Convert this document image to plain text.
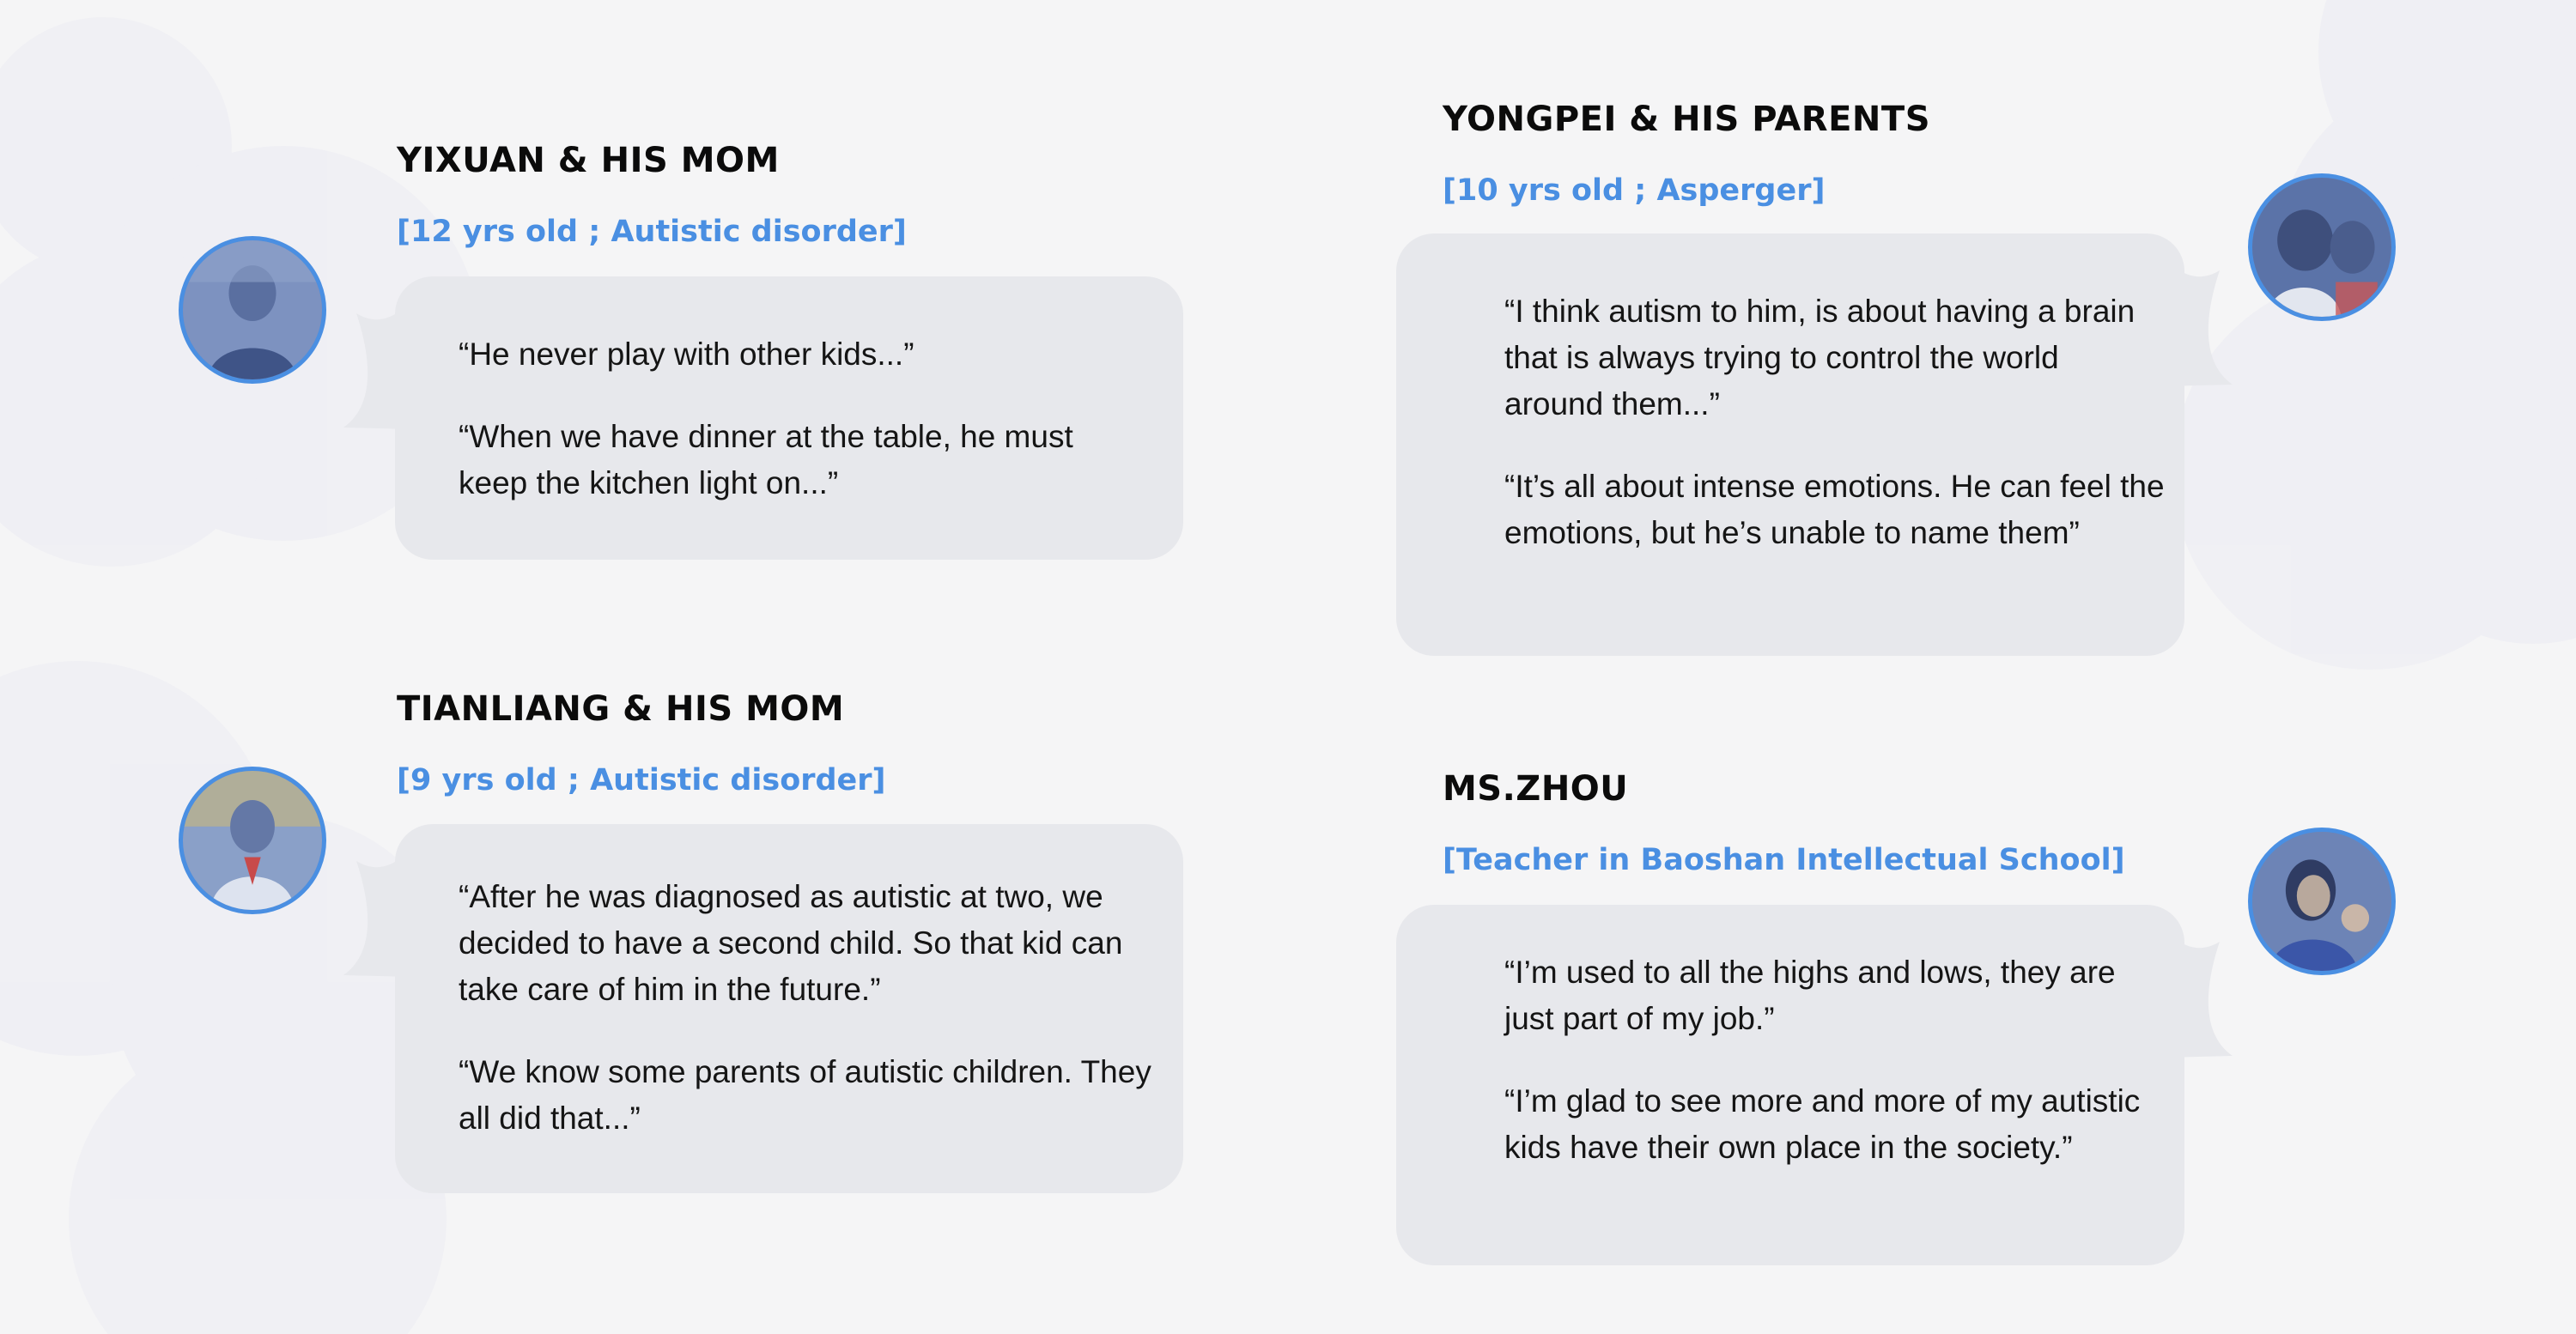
YIXUAN & HIS MOM

[12 yrs old ; Autistic disorder]

“He never play with other kids...”

“When we have dinner at the table, he must keep the kitchen light on...”

TIANLIANG & HIS MOM

[9 yrs old ; Autistic disorder]

“After he was diagnosed as autistic at two, we decided to have a second child. So that kid can take care of him in the future.”

“We know some parents of autistic children. They all did that...”

YONGPEI & HIS PARENTS

[10 yrs old ; Asperger]

“I think autism to him, is about having a brain that is always trying to control the world around them...”

“It’s all about intense emotions. He can feel the emotions, but he’s unable to name them”

MS.ZHOU

[Teacher in Baoshan Intellectual School]

“I’m used to all the highs and lows, they are just part of my job.”

“I’m glad to see more and more of my autistic kids have their own place in the society.”
